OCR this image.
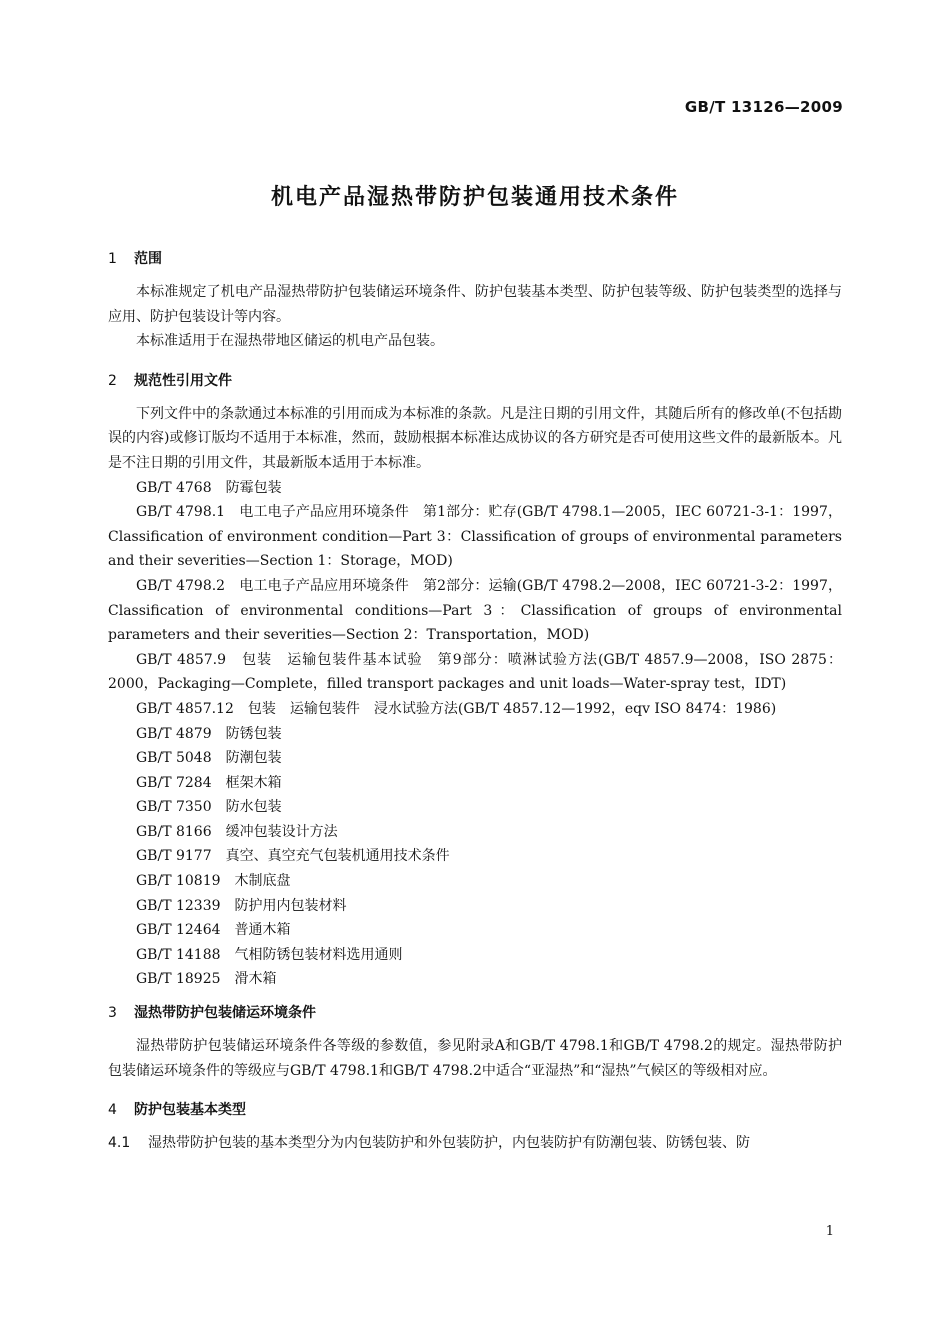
GB/T 13126—2009
机电产品湿热带防护包装通用技术条件

1 范围

本标准规定了机电产品湿热带防护包装储运环境条件、防护包装基本类型、防护包装等级、防护包装类型的选择与应用、防护包装设计等内容。

本标准适用于在湿热带地区储运的机电产品包装。

2 规范性引用文件

下列文件中的条款通过本标准的引用而成为本标准的条款。凡是注日期的引用文件，其随后所有的修改单(不包括勘误的内容)或修订版均不适用于本标准，然而，鼓励根据本标准达成协议的各方研究是否可使用这些文件的最新版本。凡是不注日期的引用文件，其最新版本适用于本标准。

GB/T 4768　防霉包装

GB/T 4798.1　电工电子产品应用环境条件　第1部分：贮存(GB/T 4798.1—2005，IEC 60721-3-1：1997，Classification of environment condition—Part 3：Classification of groups of environmental parameters and their severities—Section 1：Storage，MOD)

GB/T 4798.2　电工电子产品应用环境条件　第2部分：运输(GB/T 4798.2—2008，IEC 60721-3-2：1997，Classification of environmental conditions—Part 3：Classification of groups of environmental parameters and their severities—Section 2：Transportation，MOD)

GB/T 4857.9　包装　运输包装件基本试验　第9部分：喷淋试验方法(GB/T 4857.9—2008，ISO 2875：2000，Packaging—Complete，filled transport packages and unit loads—Water-spray test，IDT)

GB/T 4857.12　包装　运输包装件　浸水试验方法(GB/T 4857.12—1992，eqv ISO 8474：1986)

GB/T 4879　防锈包装

GB/T 5048　防潮包装

GB/T 7284　框架木箱

GB/T 7350　防水包装

GB/T 8166　缓冲包装设计方法

GB/T 9177　真空、真空充气包装机通用技术条件

GB/T 10819　木制底盘

GB/T 12339　防护用内包装材料

GB/T 12464　普通木箱

GB/T 14188　气相防锈包装材料选用通则

GB/T 18925　滑木箱

3 湿热带防护包装储运环境条件

湿热带防护包装储运环境条件各等级的参数值，参见附录A和GB/T 4798.1和GB/T 4798.2的规定。湿热带防护包装储运环境条件的等级应与GB/T 4798.1和GB/T 4798.2中适合“亚湿热”和“湿热”气候区的等级相对应。

4 防护包装基本类型

4.1 湿热带防护包装的基本类型分为内包装防护和外包装防护，内包装防护有防潮包装、防锈包装、防

1
